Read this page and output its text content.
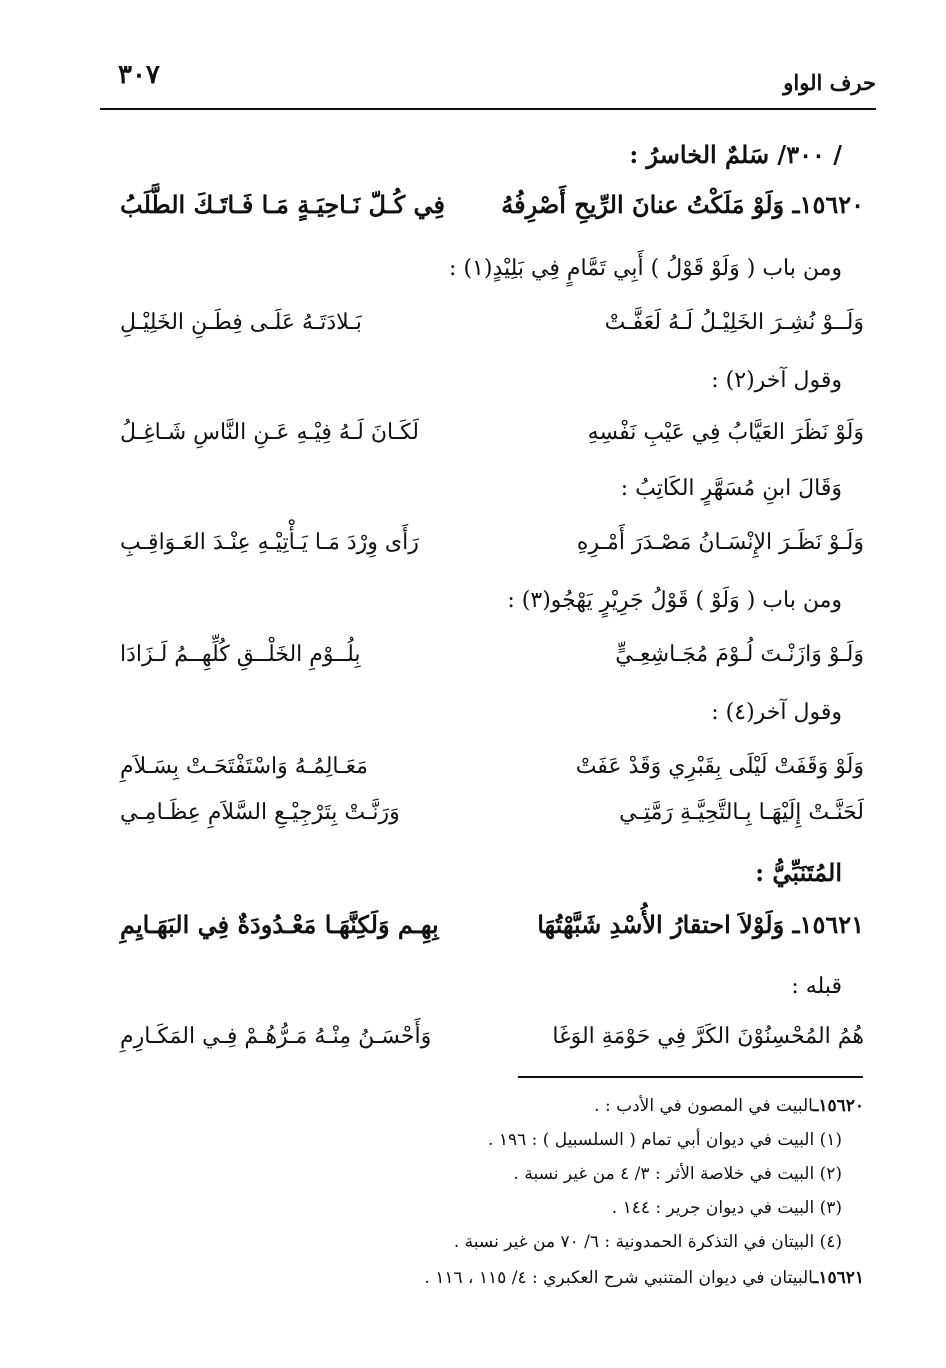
حرف الواو
٣٠٧
/ ٣٠٠/ سَلمٌ الخاسرُ :
١٥٦٢٠ـ وَلَوْ مَلَكْتُ عنانَ الرِّيحِ أَصْرِفُهُ
فِي كُـلّ نَـاحِيَـةٍ مَـا فَـاتَـكَ الطَّلَبُ
ومن باب ( وَلَوْ قَوْلُ ) أَبِي تَمَّامٍ فِي بَلِيْدٍ(١) :
وَلَــوْ نُشِـرَ الخَلِيْـلُ لَـهُ لَعَفَّـتْ
بَـلادَتَـهُ عَلَـى فِطَـنِ الخَلِيْـلِ
وقول آخر(٢) :
وَلَوْ نَظَرَ العَيَّابُ فِي عَيْبِ نَفْسِهِ
لَكَـانَ لَـهُ فِيْـهِ عَـنِ النَّاسِ شَـاغِـلُ
وَقَالَ ابنِ مُسَهَّرٍ الكَاتِبُ :
وَلَـوْ نَظَـرَ الإِنْسَـانُ مَصْـدَرَ أَمْـرِهِ
رَأَى وِرْدَ مَـا يَـأْتِيْـهِ عِنْـدَ العَـوَاقِـبِ
ومن باب ( وَلَوْ ) قَوْلُ جَرِيْرٍ يَهْجُو(٣) :
وَلَـوْ وَازَنْـتَ لُـوْمَ مُجَـاشِعِـيٍّ
بِلُــوْمِ الخَلْــقِ كُلِّهِــمُ لَـزَادَا
وقول آخر(٤) :
وَلَوْ وَقَفَتْ لَيْلَى بِقَبْرِي وَقَدْ عَفَتْ
مَعَـالِمُـهُ وَاسْتَفْتَحَـتْ بِسَـلاَمِ
لَحَنَّـتْ إِلَيْهَـا بِـالتَّحِيَّـةِ رَمَّتِـي
وَرَنَّـتْ بِتَرْجِيْـعِ السَّلاَمِ عِظَـامِـي
المُتَنَبِّيُّ :
١٥٦٢١ـ وَلَوْلاَ احتقارُ الأُسْدِ شَبَّهْتُهَا
بِهِـم وَلَكِنَّهَـا مَعْـدُودَةٌ فِي البَهَـايِمِ
قبله :
هُمُ المُحْسِنُوْنَ الكَرَّ فِي حَوْمَةِ الوَغَا
وَأَحْسَـنُ مِنْـهُ مَـرُّهُـمْ فِـي المَكَـارِمِ
١٥٦٢٠ـالبيت في المصون في الأدب : .
(١) البيت في ديوان أبي تمام ( السلسبيل ) : ١٩٦ .
(٢) البيت في خلاصة الأثر : ٣/ ٤ من غير نسبة .
(٣) البيت في ديوان جرير : ١٤٤ .
(٤) البيتان في التذكرة الحمدونية : ٦/ ٧٠ من غير نسبة .
١٥٦٢١ـالبيتان في ديوان المتنبي شرح العكبري : ٤/ ١١٥ ، ١١٦ .
